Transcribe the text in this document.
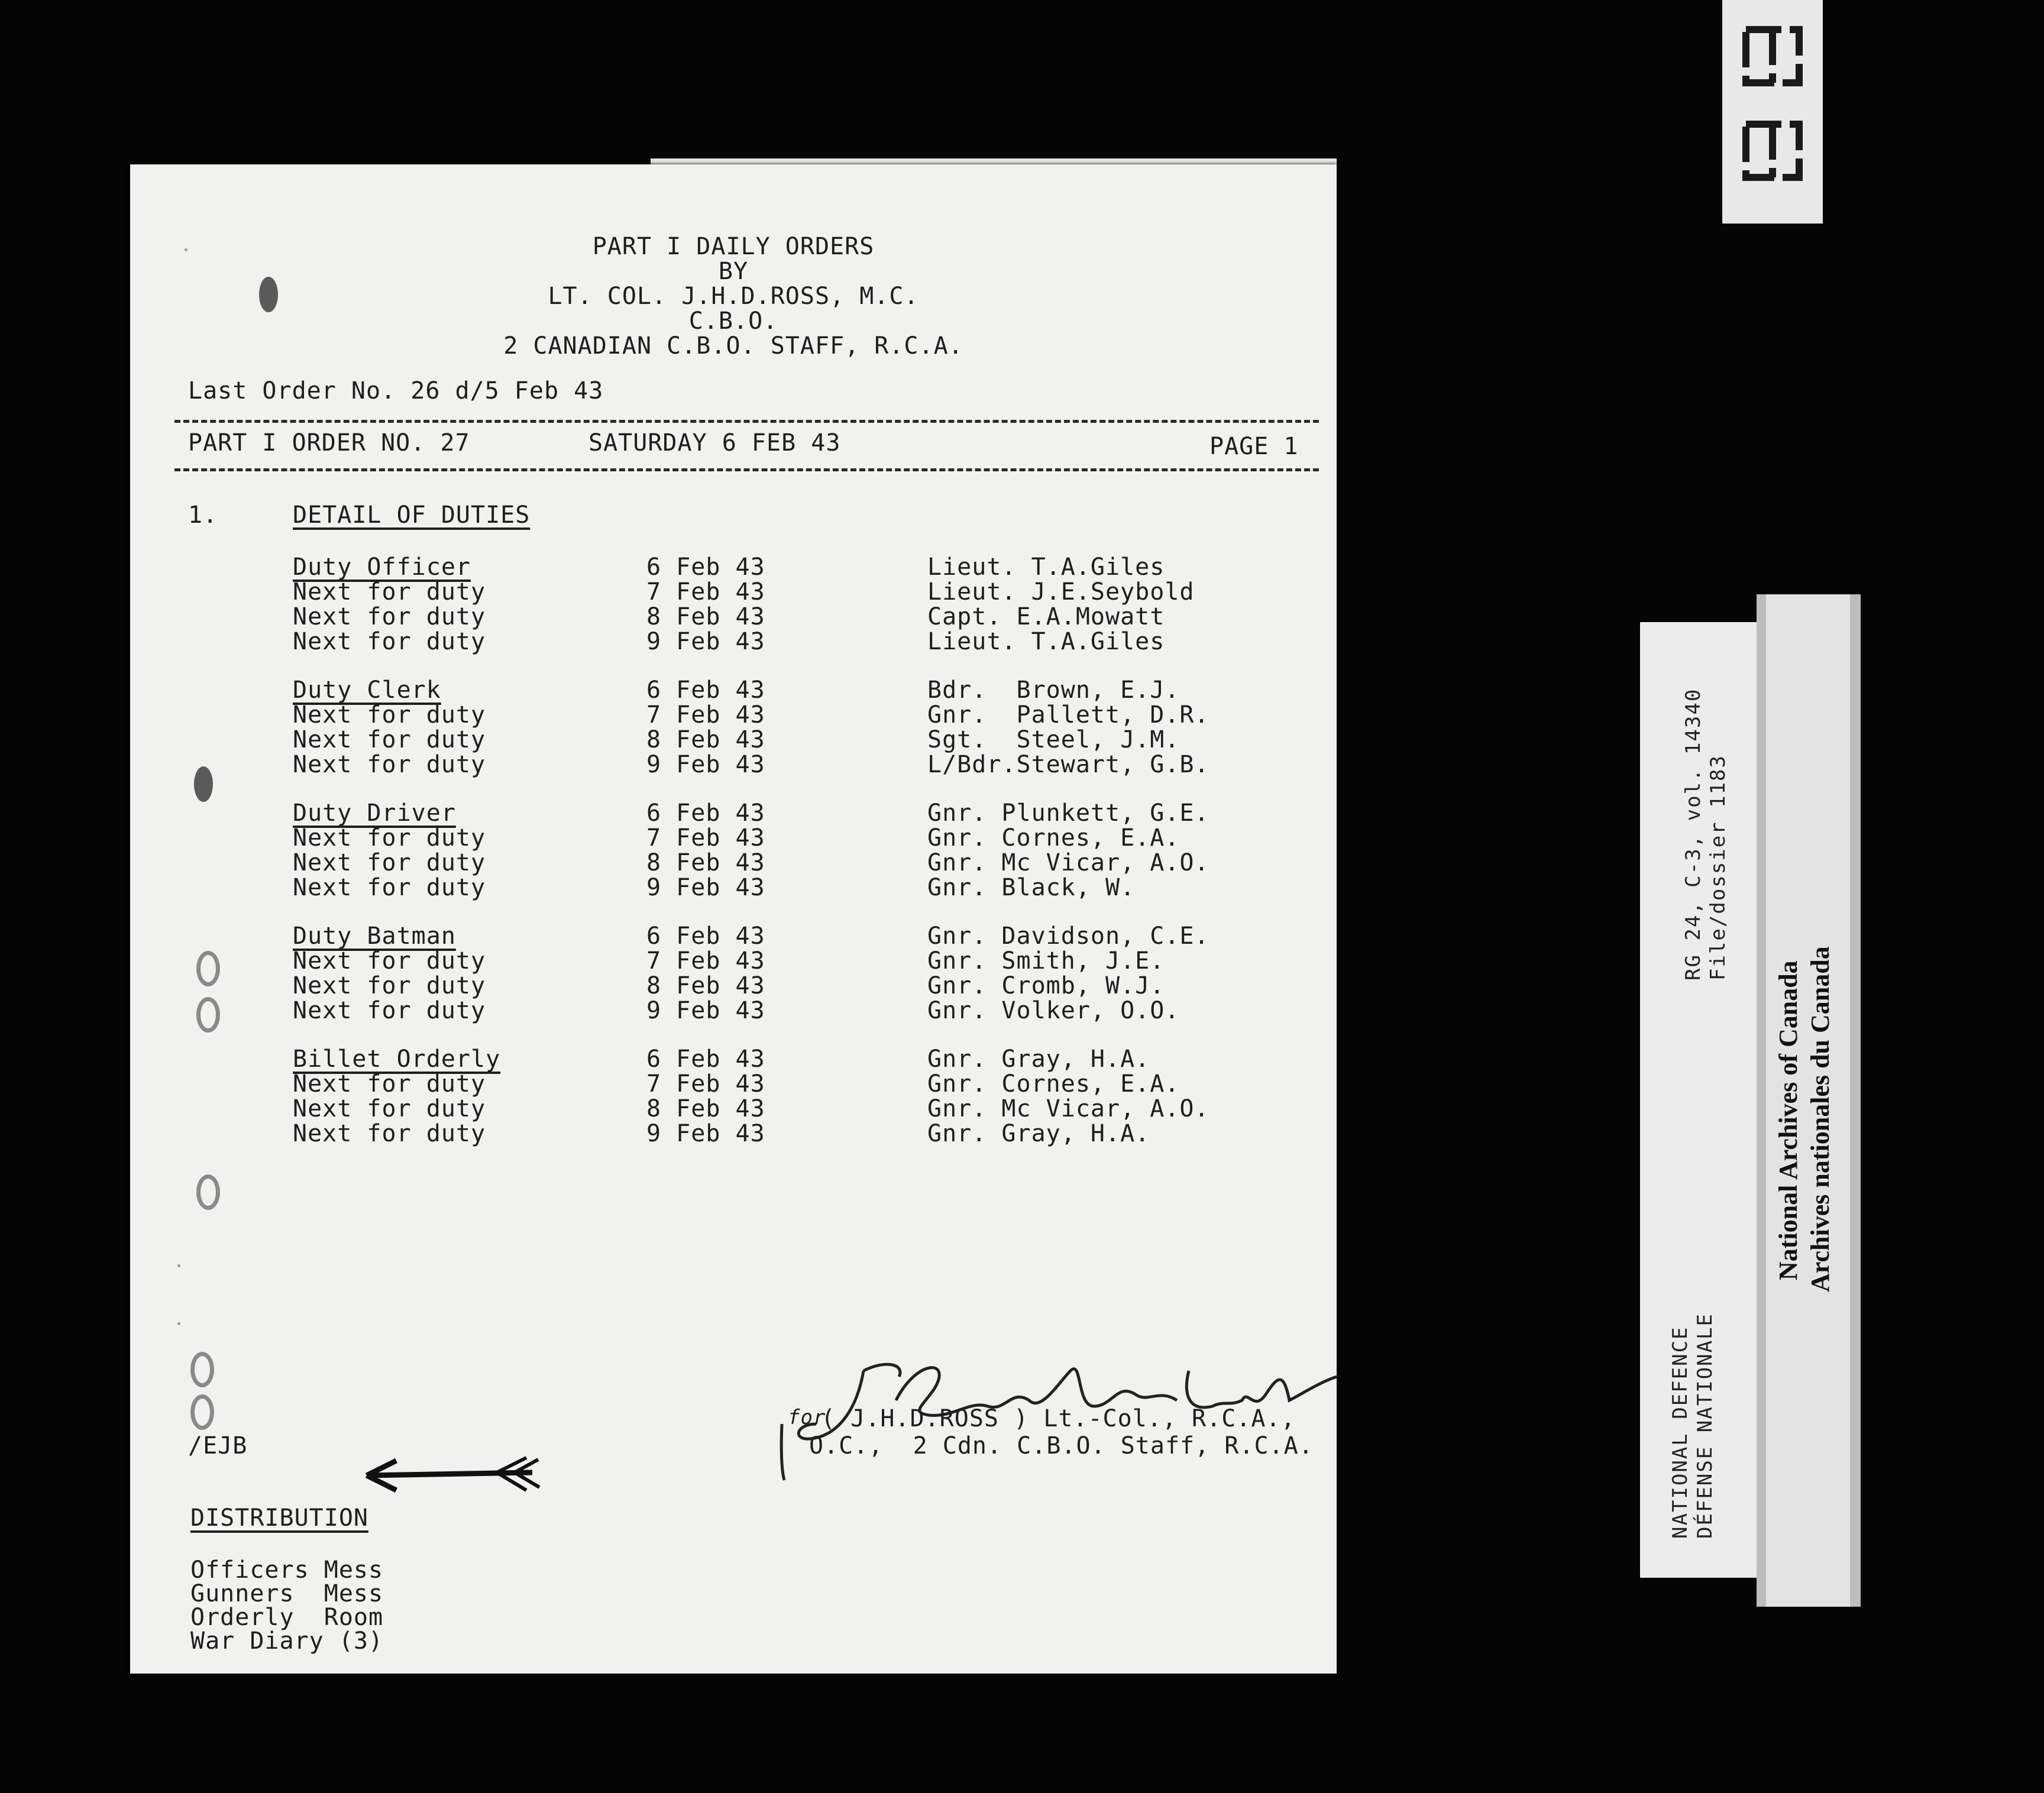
PART I DAILY ORDERS
BY
LT. COL. J.H.D.ROSS, M.C.
C.B.O.
2 CANADIAN C.B.O. STAFF, R.C.A.
Last Order No. 26 d/5 Feb 43
PART I ORDER NO. 27	SATURDAY 6 FEB 43	PAGE 1
1.	DETAIL OF DUTIES
Duty Officer	6 Feb 43	Lieut. T.A.Giles
Next for duty	7 Feb 43	Lieut. J.E.Seybold
Next for duty	8 Feb 43	Capt. E.A.Mowatt
Next for duty	9 Feb 43	Lieut. T.A.Giles
Duty Clerk	6 Feb 43	Bdr.  Brown, E.J.
Next for duty	7 Feb 43	Gnr.  Pallett, D.R.
Next for duty	8 Feb 43	Sgt.  Steel, J.M.
Next for duty	9 Feb 43	L/Bdr.Stewart, G.B.
Duty Driver	6 Feb 43	Gnr. Plunkett, G.E.
Next for duty	7 Feb 43	Gnr. Cornes, E.A.
Next for duty	8 Feb 43	Gnr. Mc Vicar, A.O.
Next for duty	9 Feb 43	Gnr. Black, W.
Duty Batman	6 Feb 43	Gnr. Davidson, C.E.
Next for duty	7 Feb 43	Gnr. Smith, J.E.
Next for duty	8 Feb 43	Gnr. Cromb, W.J.
Next for duty	9 Feb 43	Gnr. Volker, O.O.
Billet Orderly	6 Feb 43	Gnr. Gray, H.A.
Next for duty	7 Feb 43	Gnr. Cornes, E.A.
Next for duty	8 Feb 43	Gnr. Mc Vicar, A.O.
Next for duty	9 Feb 43	Gnr. Gray, H.A.
for
( J.H.D.ROSS ) Lt.-Col., R.C.A.,
O.C.,  2 Cdn. C.B.O. Staff, R.C.A.
/EJB
DISTRIBUTION
Officers Mess
Gunners  Mess
Orderly  Room
War Diary (3)
RG 24, C-3, vol. 14340 File/dossier 1183
NATIONAL DEFENCE DÉFENSE NATIONALE
National Archives of Canada Archives nationales du Canada
